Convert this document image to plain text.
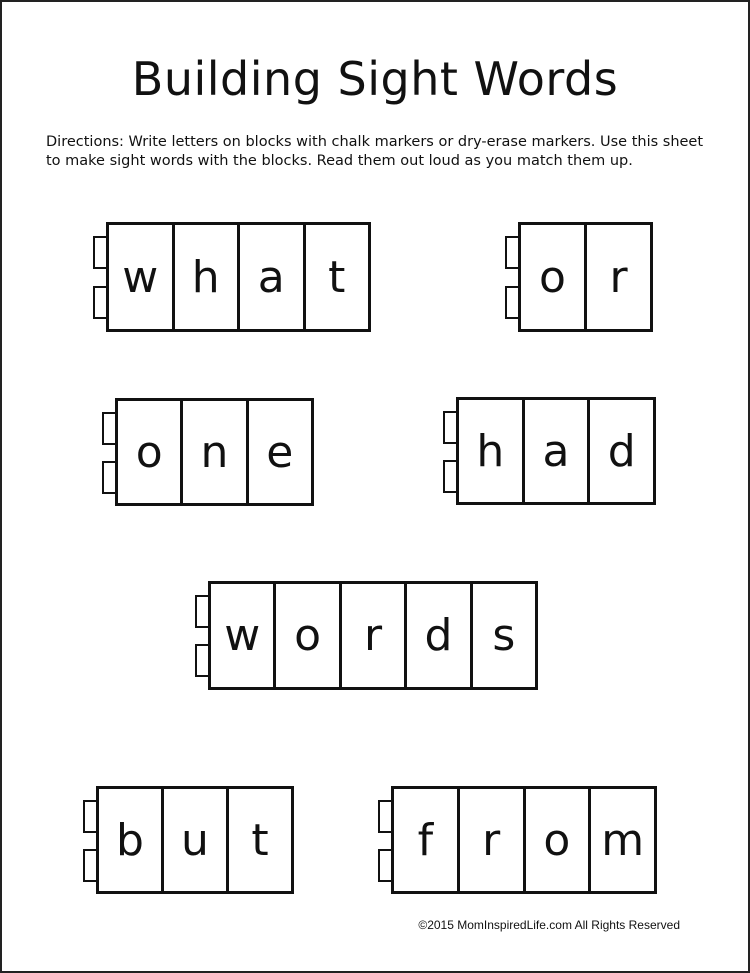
Building Sight Words
Directions: Write letters on blocks with chalk markers or dry-erase markers. Use this sheet to make sight words with the blocks. Read them out loud as you match them up.
w h a t	o r
o n e	h a d
w o r d s
b u t	f	r o m
©2015 MomInspiredLife.com All Rights Reserved
